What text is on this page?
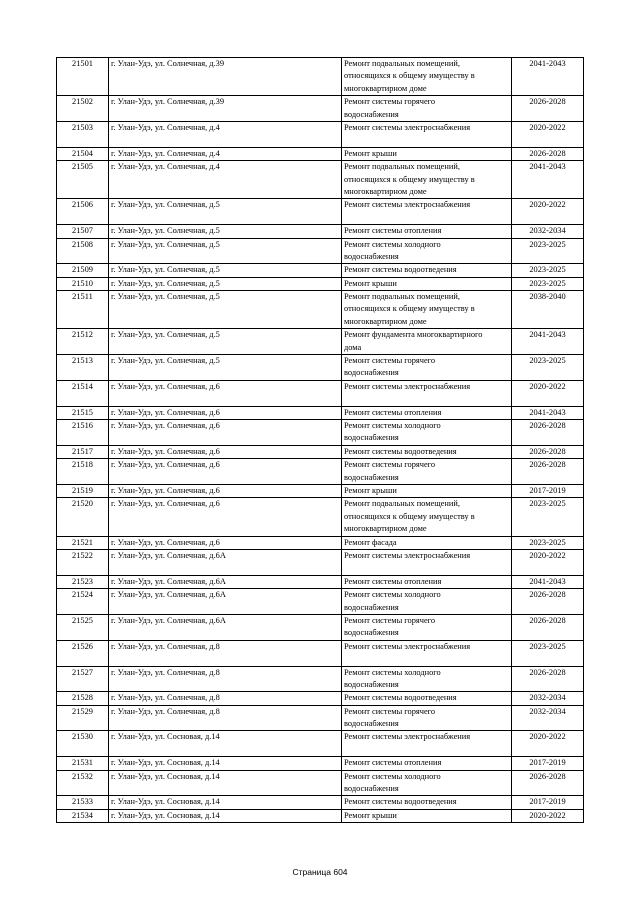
21501	г. Улан-Удэ, ул. Солнечная, д.39	Ремонт подвальных помещений,
относящихся к общему имуществу в
многоквартирном доме	2041-2043
21502	г. Улан-Удэ, ул. Солнечная, д.39	Ремонт системы горячего
водоснабжения	2026-2028
21503	г. Улан-Удэ, ул. Солнечная, д.4	Ремонт системы электроснабжения	2020-2022
21504	г. Улан-Удэ, ул. Солнечная, д.4	Ремонт крыши	2026-2028
21505	г. Улан-Удэ, ул. Солнечная, д.4	Ремонт подвальных помещений,
относящихся к общему имуществу в
многоквартирном доме	2041-2043
21506	г. Улан-Удэ, ул. Солнечная, д.5	Ремонт системы электроснабжения	2020-2022
21507	г. Улан-Удэ, ул. Солнечная, д.5	Ремонт системы отопления	2032-2034
21508	г. Улан-Удэ, ул. Солнечная, д.5	Ремонт системы холодного
водоснабжения	2023-2025
21509	г. Улан-Удэ, ул. Солнечная, д.5	Ремонт системы водоотведения	2023-2025
21510	г. Улан-Удэ, ул. Солнечная, д.5	Ремонт крыши	2023-2025
21511	г. Улан-Удэ, ул. Солнечная, д.5	Ремонт подвальных помещений,
относящихся к общему имуществу в
многоквартирном доме	2038-2040
21512	г. Улан-Удэ, ул. Солнечная, д.5	Ремонт фундамента многоквартирного
дома	2041-2043
21513	г. Улан-Удэ, ул. Солнечная, д.5	Ремонт системы горячего
водоснабжения	2023-2025
21514	г. Улан-Удэ, ул. Солнечная, д.6	Ремонт системы электроснабжения	2020-2022
21515	г. Улан-Удэ, ул. Солнечная, д.6	Ремонт системы отопления	2041-2043
21516	г. Улан-Удэ, ул. Солнечная, д.6	Ремонт системы холодного
водоснабжения	2026-2028
21517	г. Улан-Удэ, ул. Солнечная, д.6	Ремонт системы водоотведения	2026-2028
21518	г. Улан-Удэ, ул. Солнечная, д.6	Ремонт системы горячего
водоснабжения	2026-2028
21519	г. Улан-Удэ, ул. Солнечная, д.6	Ремонт крыши	2017-2019
21520	г. Улан-Удэ, ул. Солнечная, д.6	Ремонт подвальных помещений,
относящихся к общему имуществу в
многоквартирном доме	2023-2025
21521	г. Улан-Удэ, ул. Солнечная, д.6	Ремонт фасада	2023-2025
21522	г. Улан-Удэ, ул. Солнечная, д.6А	Ремонт системы электроснабжения	2020-2022
21523	г. Улан-Удэ, ул. Солнечная, д.6А	Ремонт системы отопления	2041-2043
21524	г. Улан-Удэ, ул. Солнечная, д.6А	Ремонт системы холодного
водоснабжения	2026-2028
21525	г. Улан-Удэ, ул. Солнечная, д.6А	Ремонт системы горячего
водоснабжения	2026-2028
21526	г. Улан-Удэ, ул. Солнечная, д.8	Ремонт системы электроснабжения	2023-2025
21527	г. Улан-Удэ, ул. Солнечная, д.8	Ремонт системы холодного
водоснабжения	2026-2028
21528	г. Улан-Удэ, ул. Солнечная, д.8	Ремонт системы водоотведения	2032-2034
21529	г. Улан-Удэ, ул. Солнечная, д.8	Ремонт системы горячего
водоснабжения	2032-2034
21530	г. Улан-Удэ, ул. Сосновая, д.14	Ремонт системы электроснабжения	2020-2022
21531	г. Улан-Удэ, ул. Сосновая, д.14	Ремонт системы отопления	2017-2019
21532	г. Улан-Удэ, ул. Сосновая, д.14	Ремонт системы холодного
водоснабжения	2026-2028
21533	г. Улан-Удэ, ул. Сосновая, д.14	Ремонт системы водоотведения	2017-2019
21534	г. Улан-Удэ, ул. Сосновая, д.14	Ремонт крыши	2020-2022
Страница 604
